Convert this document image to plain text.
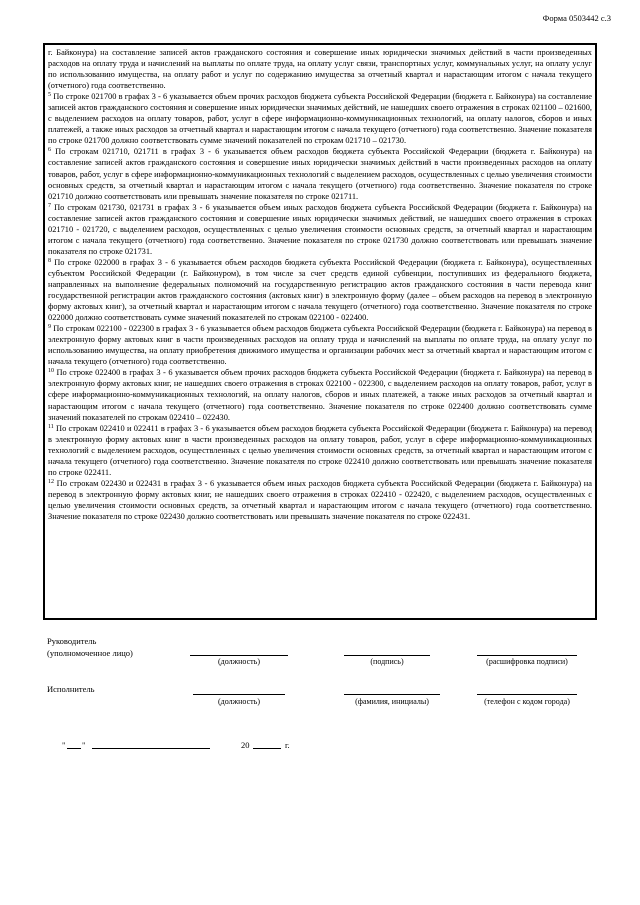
Форма 0503442 с.3

г. Байконура) на составление записей актов гражданского состояния и совершение иных юридически значимых действий в части произведенных расходов на оплату труда и начислений на выплаты по оплате труда, на оплату услуг связи, транспортных услуг, коммунальных услуг, на оплату услуг по использованию имущества, на оплату работ и услуг по содержанию имущества за отчетный квартал и нарастающим итогом с начала текущего (отчетного) года соответственно.

$^5$ По строке 021700 в графах 3 - 6 указывается объем прочих расходов бюджета субъекта Российской Федерации (бюджета г. Байконура) на составление записей актов гражданского состояния и совершение иных юридически значимых действий, не нашедших своего отражения в строках 021100 – 021600, с выделением расходов на оплату товаров, работ, услуг в сфере информационно-коммуникационных технологий, на оплату налогов, сборов и иных платежей, а также иных расходов за отчетный квартал и нарастающим итогом с начала текущего (отчетного) года соответственно. Значение показателя по строке 021700 должно соответствовать сумме значений показателей по строкам 021710 – 021730.

$^6$ По строкам 021710, 021711 в графах 3 - 6 указывается объем расходов бюджета субъекта Российской Федерации (бюджета г. Байконура) на составление записей актов гражданского состояния и совершение иных юридически значимых действий в части произведенных расходов на оплату товаров, работ, услуг в сфере информационно-коммуникационных технологий с выделением расходов, осуществленных с целью увеличения стоимости основных средств, за отчетный квартал и нарастающим итогом с начала текущего (отчетного) года соответственно. Значение показателя по строке 021710 должно соответствовать или превышать значение показателя по строке 021711.

$^7$ По строкам 021730, 021731 в графах 3 - 6 указывается объем иных расходов бюджета субъекта Российской Федерации (бюджета г. Байконура) на составление записей актов гражданского состояния и совершение иных юридически значимых действий, не нашедших своего отражения в строках 021710 - 021720, с выделением расходов, осуществленных с целью увеличения стоимости основных средств, за отчетный квартал и нарастающим итогом с начала текущего (отчетного) года соответственно. Значение показателя по строке 021730 должно соответствовать или превышать значение показателя по строке 021731.

$^8$ По строке 022000 в графах 3 - 6 указывается объем расходов бюджета субъекта Российской Федерации (бюджета г. Байконура), осуществленных субъектом Российской Федерации (г. Байконуром), в том числе за счет средств единой субвенции, поступивших из федерального бюджета, направленных на выполнение федеральных полномочий на государственную регистрацию актов гражданского состояния в части перевода книг государственной регистрации актов гражданского состояния (актовых книг) в электронную форму (далее – объем расходов на перевод в электронную форму актовых книг), за отчетный квартал и нарастающим итогом с начала текущего (отчетного) года соответственно. Значение показателя по строке 022000 должно соответствовать сумме значений показателей по строкам 022100 - 022400.

$^9$ По строкам 022100 - 022300 в графах 3 - 6 указывается объем расходов бюджета субъекта Российской Федерации (бюджета г. Байконура) на перевод в электронную форму актовых книг в части произведенных расходов на оплату труда и начислений на выплаты по оплате труда, на оплату услуг по использованию имущества, на оплату приобретения движимого имущества и организации рабочих мест за отчетный квартал и нарастающим итогом с начала текущего (отчетного) года соответственно.

$^{10}$ По строке 022400 в графах 3 - 6 указывается объем прочих расходов бюджета субъекта Российской Федерации (бюджета г. Байконура) на перевод в электронную форму актовых книг, не нашедших своего отражения в строках 022100 - 022300, с выделением расходов на оплату товаров, работ, услуг в сфере информационно-коммуникационных технологий, на оплату налогов, сборов и иных платежей, а также иных расходов за отчетный квартал и нарастающим итогом с начала текущего (отчетного) года соответственно. Значение показателя по строке 022400 должно соответствовать сумме значений показателей по строкам 022410 – 022430.

$^{11}$ По строкам 022410 и 022411 в графах 3 - 6 указывается объем расходов бюджета субъекта Российской Федерации (бюджета г. Байконура) на перевод в электронную форму актовых книг в части произведенных расходов на оплату товаров, работ, услуг в сфере информационно-коммуникационных технологий с выделением расходов, осуществленных с целью увеличения стоимости основных средств, за отчетный квартал и нарастающим итогом с начала текущего (отчетного) года соответственно. Значение показателя по строке 022410 должно соответствовать или превышать значение показателя по строке 022411.

$^{12}$ По строкам 022430 и 022431 в графах 3 - 6 указывается объем иных расходов бюджета субъекта Российской Федерации (бюджета г. Байконура) на перевод в электронную форму актовых книг, не нашедших своего отражения в строках 022410 - 022420, с выделением расходов, осуществленных с целью увеличения стоимости основных средств, за отчетный квартал и нарастающим итогом с начала текущего (отчетного) года соответственно. Значение показателя по строке 022430 должно соответствовать или превышать значение показателя по строке 022431.

Руководитель
(уполномоченное лицо)
(должность)	(подпись)	(расшифровка подписи)
Исполнитель
(должность)	(фамилия, инициалы)	(телефон с кодом города)
" "	20	г.
